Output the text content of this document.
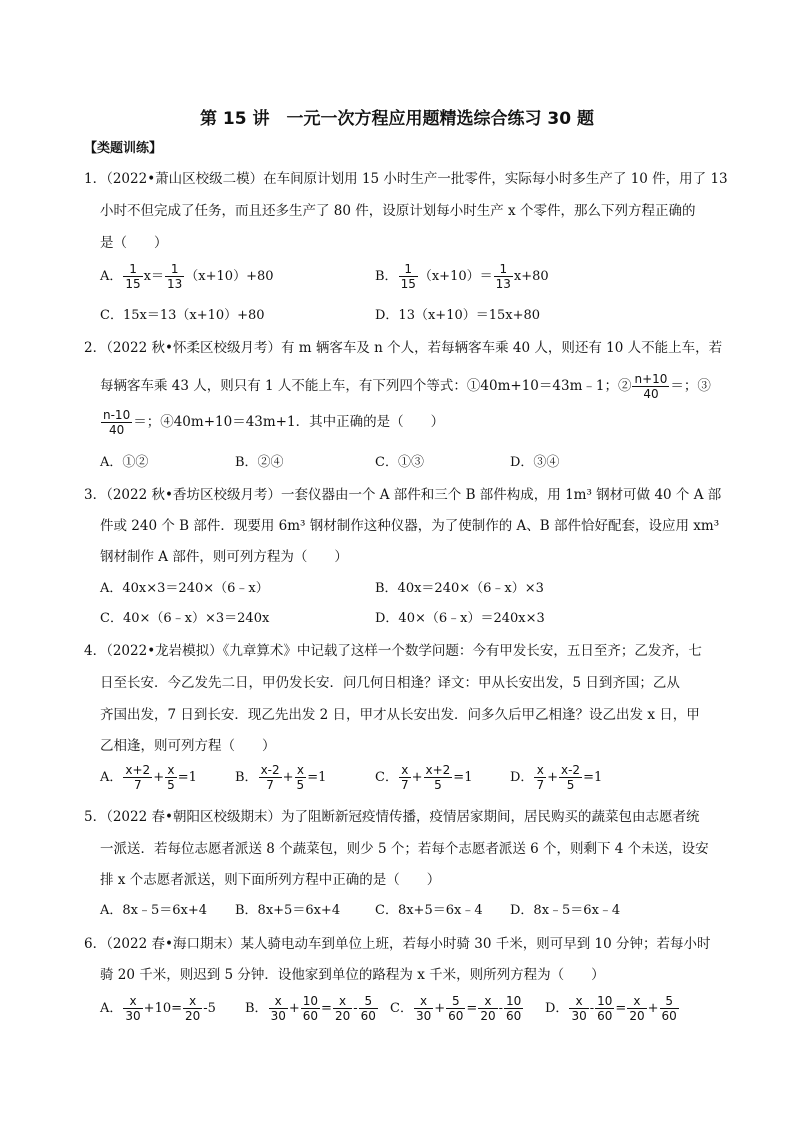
第 15 讲　一元一次方程应用题精选综合练习 30 题
【类题训练】
1．（2022•萧山区校级二模）在车间原计划用 15 小时生产一批零件，实际每小时多生产了 10 件，用了 13
小时不但完成了任务，而且还多生产了 80 件，设原计划每小时生产 x 个零件，那么下列方程正确的
是（　　）
A． $\frac{1}{15} x= \frac{1}{13} (x+10)+80$	B． $\frac{1}{15} (x+10)= \frac{1}{13} x+80$
C．15x＝13（x+10）+80	D．13（x+10）＝15x+80
2．（2022 秋•怀柔区校级月考）有 m 辆客车及 n 个人，若每辆客车乘 40 人，则还有 10 人不能上车，若
每辆客车乘 43 人，则只有 1 人不能上车，有下列四个等式：①40m+10＝43m﹣1；② $\frac{n+10}{40}$ ＝；③
$\frac{n-10}{40}$ ＝；④40m+10＝43m+1．其中正确的是（　　）
A．①②	B．②④	C．①③	D．③④
3．（2022 秋•香坊区校级月考）一套仪器由一个 A 部件和三个 B 部件构成，用 1m³ 钢材可做 40 个 A 部
件或 240 个 B 部件．现要用 6m³ 钢材制作这种仪器，为了使制作的 A、B 部件恰好配套，设应用 xm³
钢材制作 A 部件，则可列方程为（　　）
A．40x×3＝240×（6﹣x）	B．40x＝240×（6﹣x）×3
C．40×（6﹣x）×3＝240x	D．40×（6﹣x）＝240x×3
4．（2022•龙岩模拟）《九章算术》中记载了这样一个数学问题：今有甲发长安，五日至齐；乙发齐，七
日至长安．今乙发先二日，甲仍发长安．问几何日相逢？译文：甲从长安出发，5 日到齐国；乙从
齐国出发，7 日到长安．现乙先出发 2 日，甲才从长安出发．问多久后甲乙相逢？设乙出发 x 日，甲
乙相逢，则可列方程（　　）
A． $\frac{x+2}{7} + \frac{x}{5} =1$	B． $\frac{x-2}{7} + \frac{x}{5} =1$	C． $\frac{x}{7} + \frac{x+2}{5} =1$	D． $\frac{x}{7} + \frac{x-2}{5} =1$
5．（2022 春•朝阳区校级期末）为了阻断新冠疫情传播，疫情居家期间，居民购买的蔬菜包由志愿者统
一派送．若每位志愿者派送 8 个蔬菜包，则少 5 个；若每个志愿者派送 6 个，则剩下 4 个未送，设安
排 x 个志愿者派送，则下面所列方程中正确的是（　　）
A．8x﹣5＝6x+4 B．8x+5＝6x+4	C．8x+5＝6x﹣4 D．8x﹣5＝6x﹣4
6．（2022 春•海口期末）某人骑电动车到单位上班，若每小时骑 30 千米，则可早到 10 分钟；若每小时
骑 20 千米，则迟到 5 分钟．设他家到单位的路程为 x 千米，则所列方程为（　　）
A． $\frac{x}{30} +10= \frac{x}{20} -5$ B． $\frac{x}{30} + \frac{10}{60} = \frac{x}{20} - \frac{5}{60}$ C． $\frac{x}{30} + \frac{5}{60} = \frac{x}{20} - \frac{10}{60}$ D． $\frac{x}{30} - \frac{10}{60} = \frac{x}{20} + \frac{5}{60}$
